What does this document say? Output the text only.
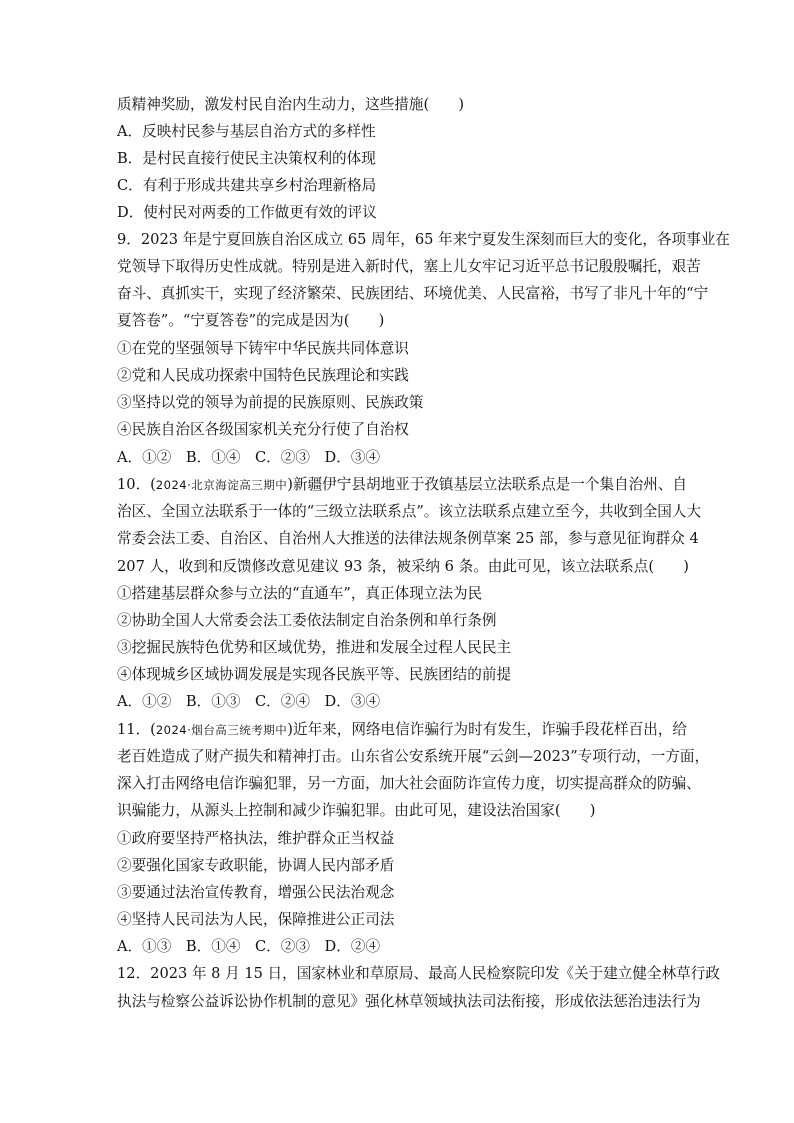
质精神奖励，激发村民自治内生动力，这些措施(　　)
A．反映村民参与基层自治方式的多样性
B．是村民直接行使民主决策权利的体现
C．有利于形成共建共享乡村治理新格局
D．使村民对两委的工作做更有效的评议
9．2023 年是宁夏回族自治区成立 65 周年，65 年来宁夏发生深刻而巨大的变化，各项事业在
党领导下取得历史性成就。特别是进入新时代，塞上儿女牢记习近平总书记殷殷嘱托，艰苦
奋斗、真抓实干，实现了经济繁荣、民族团结、环境优美、人民富裕，书写了非凡十年的“宁
夏答卷”。“宁夏答卷”的完成是因为(　　)
①在党的坚强领导下铸牢中华民族共同体意识
②党和人民成功探索中国特色民族理论和实践
③坚持以党的领导为前提的民族原则、民族政策
④民族自治区各级国家机关充分行使了自治权
A．①②　B．①④　C．②③　D．③④
10．(2024·北京海淀高三期中)新疆伊宁县胡地亚于孜镇基层立法联系点是一个集自治州、自
治区、全国立法联系于一体的“三级立法联系点”。该立法联系点建立至今，共收到全国人大
常委会法工委、自治区、自治州人大推送的法律法规条例草案 25 部，参与意见征询群众 4
207 人，收到和反馈修改意见建议 93 条，被采纳 6 条。由此可见，该立法联系点(　　)
①搭建基层群众参与立法的“直通车”，真正体现立法为民
②协助全国人大常委会法工委依法制定自治条例和单行条例
③挖掘民族特色优势和区域优势，推进和发展全过程人民民主
④体现城乡区域协调发展是实现各民族平等、民族团结的前提
A．①②　B．①③　C．②④　D．③④
11．(2024·烟台高三统考期中)近年来，网络电信诈骗行为时有发生，诈骗手段花样百出，给
老百姓造成了财产损失和精神打击。山东省公安系统开展“云剑—2023”专项行动，一方面，
深入打击网络电信诈骗犯罪，另一方面，加大社会面防诈宣传力度，切实提高群众的防骗、
识骗能力，从源头上控制和减少诈骗犯罪。由此可见，建设法治国家(　　)
①政府要坚持严格执法，维护群众正当权益
②要强化国家专政职能，协调人民内部矛盾
③要通过法治宣传教育，增强公民法治观念
④坚持人民司法为人民，保障推进公正司法
A．①③　B．①④　C．②③　D．②④
12．2023 年 8 月 15 日，国家林业和草原局、最高人民检察院印发《关于建立健全林草行政
执法与检察公益诉讼协作机制的意见》强化林草领域执法司法衔接，形成依法惩治违法行为
